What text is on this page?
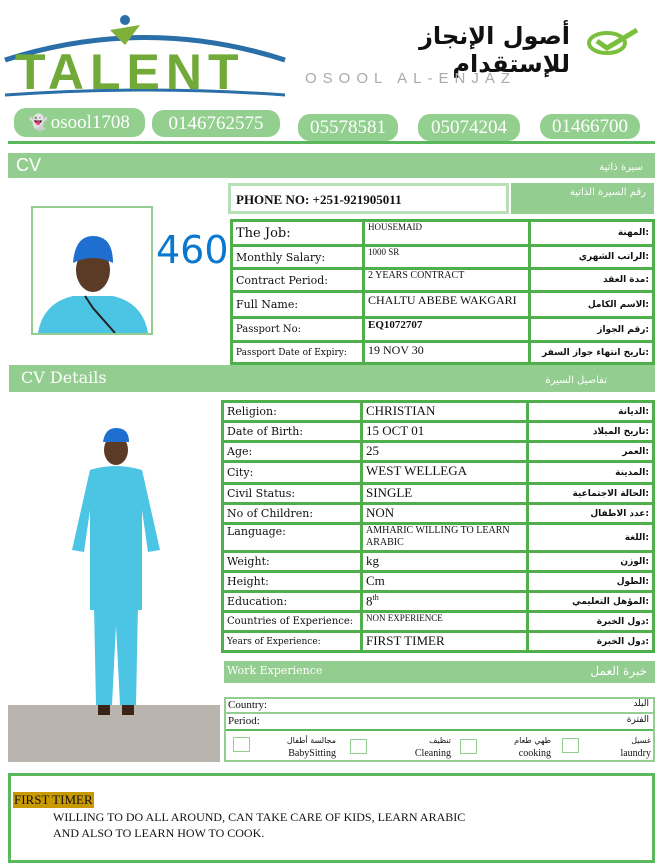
TALENT
أصول الإنجاز للإستقدام
OSOOL AL-ENJAZ
👻 osool1708	0146762575	05578581	05074204	01466700
CV	سيرة ذاتية
460
PHONE NO: +251-921905011	رقم السيرة الذاتية
The Job:	HOUSEMAID	المهنة:
Monthly Salary:	1000 SR	الراتب الشهري:
Contract Period:	2 YEARS CONTRACT	مدة العقد:
Full Name:	CHALTU ABEBE WAKGARI	الاسم الكامل:
Passport No:	EQ1072707	رقم الجواز:
Passport Date of Expiry:	19 NOV 30	تاريخ انتهاء جواز السفر:
CV Details	تفاصيل السيرة
Religion:	CHRISTIAN	الديانة:
Date of Birth:	15 OCT 01	تاريخ الميلاد:
Age:	25	العمر:
City:	WEST WELLEGA	المدينة:
Civil Status:	SINGLE	الحالة الاجتماعية:
No of Children:	NON	عدد الاطفال:
Language:	AMHARIC WILLING TO LEARN ARABIC	اللغة:
Weight:	kg	الوزن:
Height:	Cm	الطول:
Education:	8th	المؤهل التعليمي:
Countries of Experience:	NON EXPERIENCE	دول الخبرة:
Years of Experience:	FIRST TIMER	دول الخبرة:
Work Experience	خبرة العمل
Country:	البلد
Period:	الفترة
مجالسة أطفال
BabySitting
تنظيف
Cleaning
طهي طعام
cooking
غسيل
laundry
FIRST TIMER
WILLING TO DO ALL AROUND, CAN TAKE CARE OF KIDS, LEARN ARABIC
AND ALSO TO LEARN HOW TO COOK.
